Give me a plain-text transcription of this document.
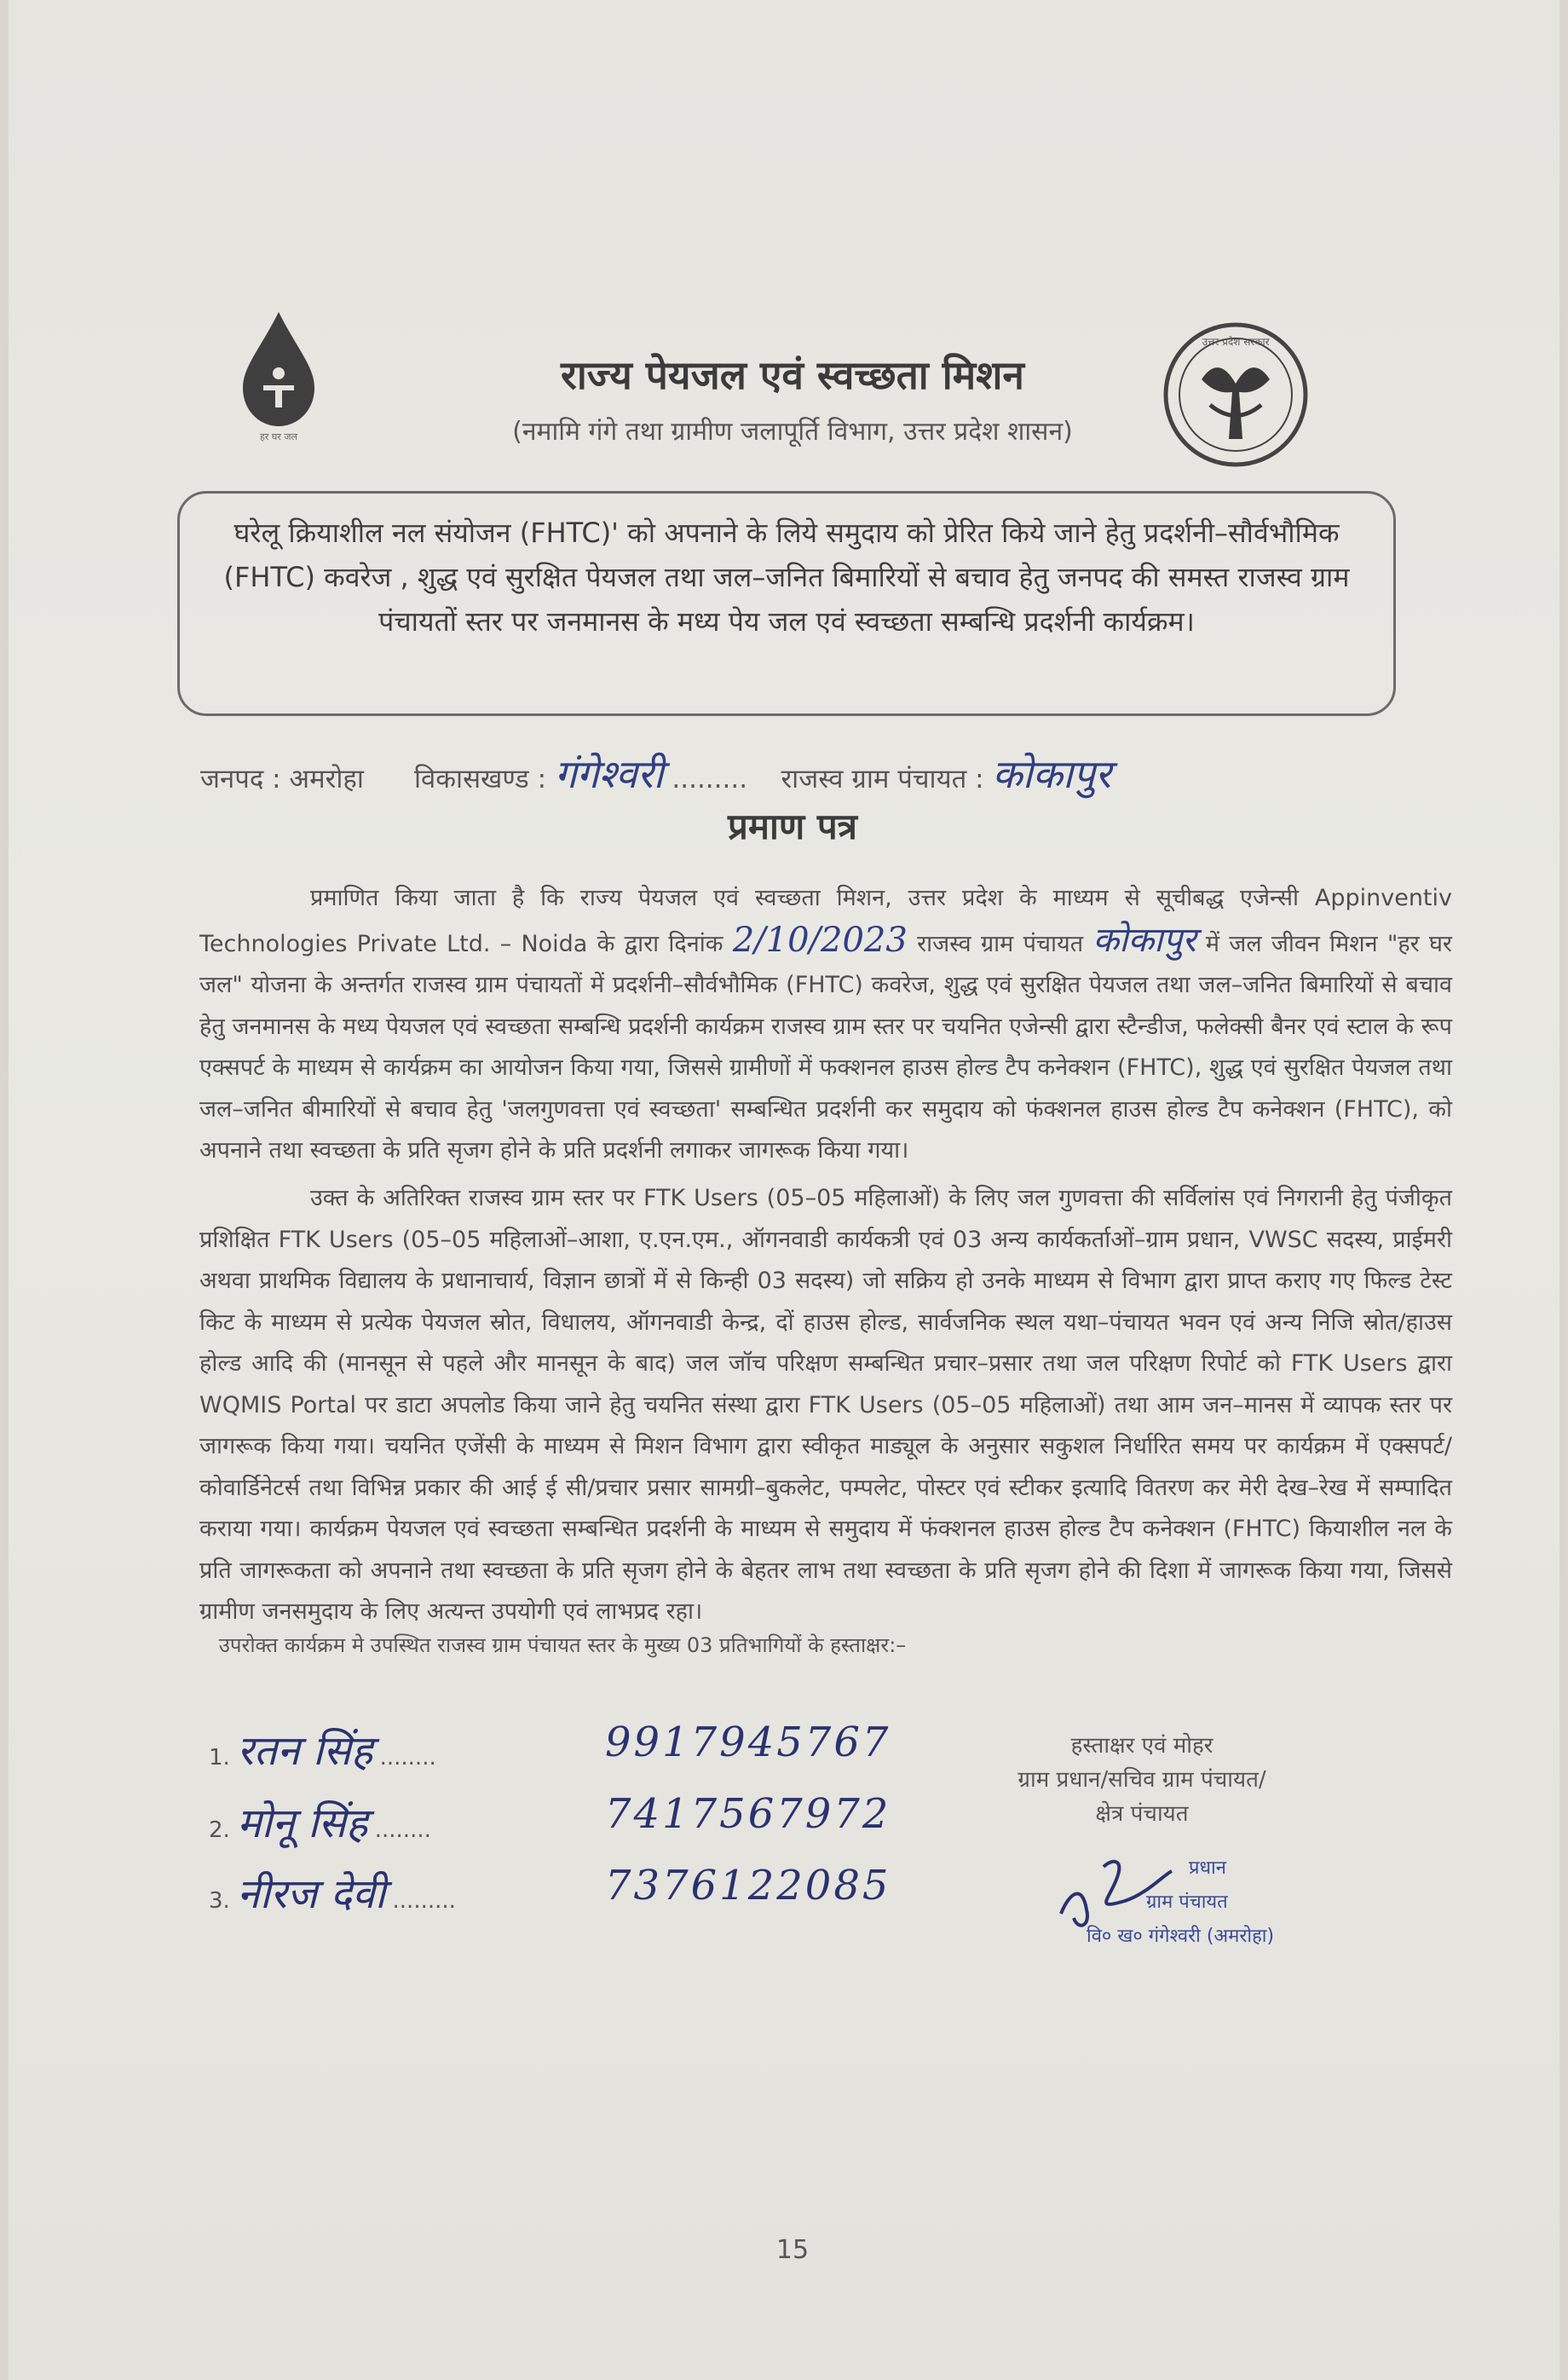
हर घर जल
उत्तर प्रदेश सरकार
राज्य पेयजल एवं स्वच्छता मिशन
(नमामि गंगे तथा ग्रामीण जलापूर्ति विभाग, उत्तर प्रदेश शासन)
घरेलू क्रियाशील नल संयोजन (FHTC)' को अपनाने के लिये समुदाय को प्रेरित किये जाने हेतु प्रदर्शनी–सौर्वभौमिक (FHTC) कवरेज , शुद्ध एवं सुरक्षित पेयजल तथा जल–जनित बिमारियों से बचाव हेतु जनपद की समस्त राजस्व ग्राम पंचायतों स्तर पर जनमानस के मध्य पेय जल एवं स्वच्छता सम्बन्धि प्रदर्शनी कार्यक्रम।
जनपद : अमरोहा विकासखण्ड : गंगेश्वरी ......... राजस्व ग्राम पंचायत : कोकापुर
प्रमाण पत्र
प्रमाणित किया जाता है कि राज्य पेयजल एवं स्वच्छता मिशन, उत्तर प्रदेश के माध्यम से सूचीबद्ध एजेन्सी Appinventiv Technologies Private Ltd. – Noida के द्वारा दिनांक 2/10/2023 राजस्व ग्राम पंचायत कोकापुर में जल जीवन मिशन "हर घर जल" योजना के अन्तर्गत राजस्व ग्राम पंचायतों में प्रदर्शनी–सौर्वभौमिक (FHTC) कवरेज, शुद्ध एवं सुरक्षित पेयजल तथा जल–जनित बिमारियों से बचाव हेतु जनमानस के मध्य पेयजल एवं स्वच्छता सम्बन्धि प्रदर्शनी कार्यक्रम राजस्व ग्राम स्तर पर चयनित एजेन्सी द्वारा स्टैन्डीज, फलेक्सी बैनर एवं स्टाल के रूप एक्सपर्ट के माध्यम से कार्यक्रम का आयोजन किया गया, जिससे ग्रामीणों में फक्शनल हाउस होल्ड टैप कनेक्शन (FHTC), शुद्ध एवं सुरक्षित पेयजल तथा जल–जनित बीमारियों से बचाव हेतु 'जलगुणवत्ता एवं स्वच्छता' सम्बन्धित प्रदर्शनी कर समुदाय को फंक्शनल हाउस होल्ड टैप कनेक्शन (FHTC), को अपनाने तथा स्वच्छता के प्रति सृजग होने के प्रति प्रदर्शनी लगाकर जागरूक किया गया।
उक्त के अतिरिक्त राजस्व ग्राम स्तर पर FTK Users (05–05 महिलाओं) के लिए जल गुणवत्ता की सर्विलांस एवं निगरानी हेतु पंजीकृत प्रशिक्षित FTK Users (05–05 महिलाओं–आशा, ए.एन.एम., ऑगनवाडी कार्यकत्री एवं 03 अन्य कार्यकर्ताओं–ग्राम प्रधान, VWSC सदस्य, प्राईमरी अथवा प्राथमिक विद्यालय के प्रधानाचार्य, विज्ञान छात्रों में से किन्ही 03 सदस्य) जो सक्रिय हो उनके माध्यम से विभाग द्वारा प्राप्त कराए गए फिल्ड टेस्ट किट के माध्यम से प्रत्येक पेयजल स्रोत, विधालय, ऑगनवाडी केन्द्र, दों हाउस होल्ड, सार्वजनिक स्थल यथा–पंचायत भवन एवं अन्य निजि स्रोत/हाउस होल्ड आदि की (मानसून से पहले और मानसून के बाद) जल जॉच परिक्षण सम्बन्धित प्रचार–प्रसार तथा जल परिक्षण रिपोर्ट को FTK Users द्वारा WQMIS Portal पर डाटा अपलोड किया जाने हेतु चयनित संस्था द्वारा FTK Users (05–05 महिलाओं) तथा आम जन–मानस में व्यापक स्तर पर जागरूक किया गया। चयनित एजेंसी के माध्यम से मिशन विभाग द्वारा स्वीकृत माड्यूल के अनुसार सकुशल निर्धारित समय पर कार्यक्रम में एक्सपर्ट/कोवार्डिनेटर्स तथा विभिन्न प्रकार की आई ई सी/प्रचार प्रसार सामग्री–बुकलेट, पम्पलेट, पोस्टर एवं स्टीकर इत्यादि वितरण कर मेरी देख–रेख में सम्पादित कराया गया। कार्यक्रम पेयजल एवं स्वच्छता सम्बन्धित प्रदर्शनी के माध्यम से समुदाय में फंक्शनल हाउस होल्ड टैप कनेक्शन (FHTC) कियाशील नल के प्रति जागरूकता को अपनाने तथा स्वच्छता के प्रति सृजग होने के बेहतर लाभ तथा स्वच्छता के प्रति सृजग होने की दिशा में जागरूक किया गया, जिससे ग्रामीण जनसमुदाय के लिए अत्यन्त उपयोगी एवं लाभप्रद रहा।
उपरोक्त कार्यक्रम मे उपस्थित राजस्व ग्राम पंचायत स्तर के मुख्य 03 प्रतिभागियों के हस्ताक्षर:–
1. रतन सिंह ........	9917945767
2. मोनू सिंह ........	7417567972
3. नीरज देवी .........	7376122085
हस्ताक्षर एवं मोहर
ग्राम प्रधान/सचिव ग्राम पंचायत/
क्षेत्र पंचायत
प्रधान
ग्राम पंचायत
वि० ख० गंगेश्वरी (अमरोहा)
15
